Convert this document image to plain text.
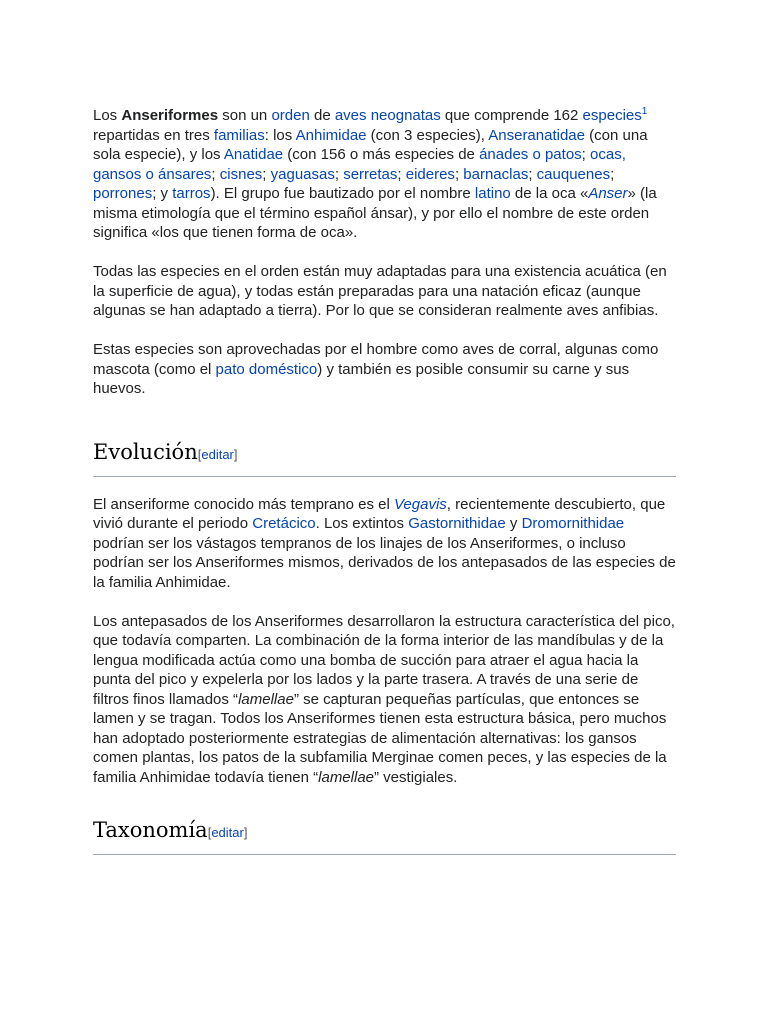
Los Anseriformes son un orden de aves neognatas que comprende 162 especies$^1$ repartidas en tres familias: los Anhimidae (con 3 especies), Anseranatidae (con una sola especie), y los Anatidae (con 156 o más especies de ánades o patos; ocas, gansos o ánsares; cisnes; yaguasas; serretas; eideres; barnaclas; cauquenes; porrones; y tarros). El grupo fue bautizado por el nombre latino de la oca «Anser» (la misma etimología que el término español ánsar), y por ello el nombre de este orden significa «los que tienen forma de oca».

Todas las especies en el orden están muy adaptadas para una existencia acuática (en la superficie de agua), y todas están preparadas para una natación eficaz (aunque algunas se han adaptado a tierra). Por lo que se consideran realmente aves anfibias.

Estas especies son aprovechadas por el hombre como aves de corral, algunas como mascota (como el pato doméstico) y también es posible consumir su carne y sus huevos.

Evolución[editar]

El anseriforme conocido más temprano es el Vegavis, recientemente descubierto, que vivió durante el periodo Cretácico. Los extintos Gastornithidae y Dromornithidae podrían ser los vástagos tempranos de los linajes de los Anseriformes, o incluso podrían ser los Anseriformes mismos, derivados de los antepasados de las especies de la familia Anhimidae.

Los antepasados de los Anseriformes desarrollaron la estructura característica del pico, que todavía comparten. La combinación de la forma interior de las mandíbulas y de la lengua modificada actúa como una bomba de succión para atraer el agua hacia la punta del pico y expelerla por los lados y la parte trasera. A través de una serie de filtros finos llamados “lamellae” se capturan pequeñas partículas, que entonces se lamen y se tragan. Todos los Anseriformes tienen esta estructura básica, pero muchos han adoptado posteriormente estrategias de alimentación alternativas: los gansos comen plantas, los patos de la subfamilia Merginae comen peces, y las especies de la familia Anhimidae todavía tienen “lamellae” vestigiales.

Taxonomía[editar]
